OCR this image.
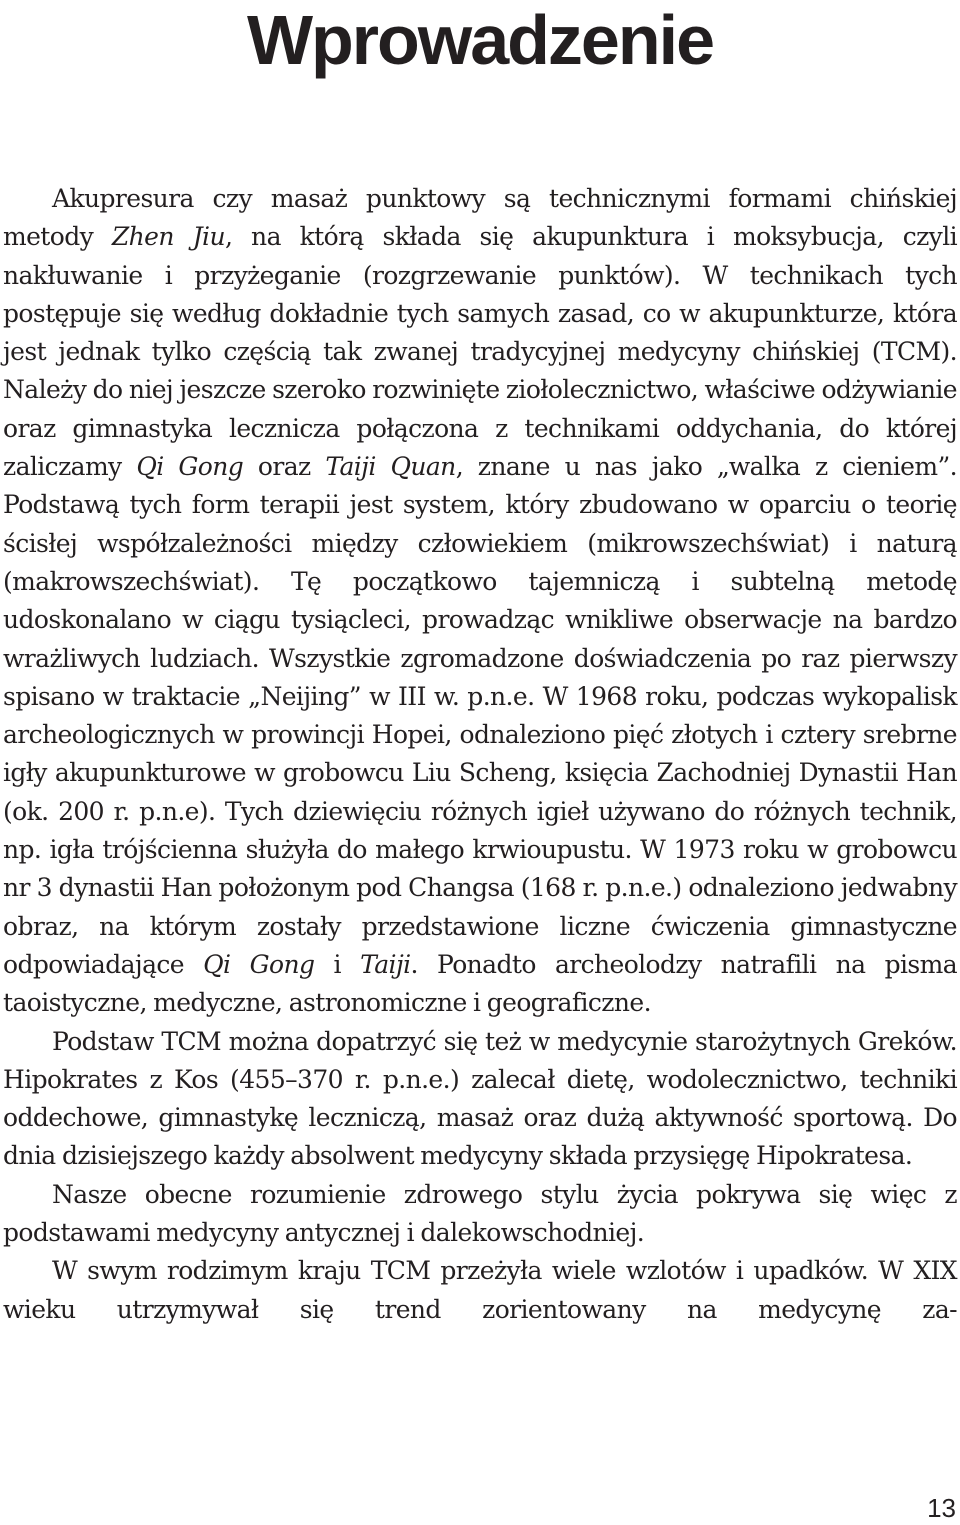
Wprowadzenie

Akupresura czy masaż punktowy są technicznymi formami chińskiej metody Zhen Jiu, na którą składa się akupunktura i moksybucja, czyli nakłuwanie i przyżeganie (rozgrzewanie punktów). W technikach tych postępuje się według dokładnie tych samych zasad, co w akupunkturze, która jest jednak tylko częścią tak zwanej tradycyjnej medycyny chińskiej (TCM). Należy do niej jeszcze szeroko rozwinięte ziołolecznictwo, właściwe odżywianie oraz gimnastyka lecznicza połączona z technikami oddychania, do której zaliczamy Qi Gong oraz Taiji Quan, znane u nas jako „walka z cieniem”. Podstawą tych form terapii jest system, który zbudowano w oparciu o teorię ścisłej współzależności między człowiekiem (mikrowszechświat) i naturą (makrowszechświat). Tę początkowo tajemniczą i subtelną metodę udoskonalano w ciągu tysiącleci, prowadząc wnikliwe obserwacje na bardzo wrażliwych ludziach. Wszystkie zgromadzone doświadczenia po raz pierwszy spisano w traktacie „Neijing” w III w. p.n.e. W 1968 roku, podczas wykopalisk archeologicznych w prowincji Hopei, odnaleziono pięć złotych i cztery srebrne igły akupunkturowe w grobowcu Liu Scheng, księcia Zachodniej Dynastii Han (ok. 200 r. p.n.e). Tych dziewięciu różnych igieł używano do różnych technik, np. igła trójścienna służyła do małego krwioupustu. W 1973 roku w grobowcu nr 3 dynastii Han położonym pod Changsa (168 r. p.n.e.) odnaleziono jedwabny obraz, na którym zostały przedstawione liczne ćwiczenia gimnastyczne odpowiadające Qi Gong i Taiji. Ponadto archeolodzy natrafili na pisma taoistyczne, medyczne, astronomiczne i geograficzne.

Podstaw TCM można dopatrzyć się też w medycynie starożytnych Greków. Hipokrates z Kos (455–370 r. p.n.e.) zalecał dietę, wodolecznictwo, techniki oddechowe, gimnastykę leczniczą, masaż oraz dużą aktywność sportową. Do dnia dzisiejszego każdy absolwent medycyny składa przysięgę Hipokratesa.

Nasze obecne rozumienie zdrowego stylu życia pokrywa się więc z podstawami medycyny antycznej i dalekowschodniej.

W swym rodzimym kraju TCM przeżyła wiele wzlotów i upadków. W XIX wieku utrzymywał się trend zorientowany na medycynę za-

13
